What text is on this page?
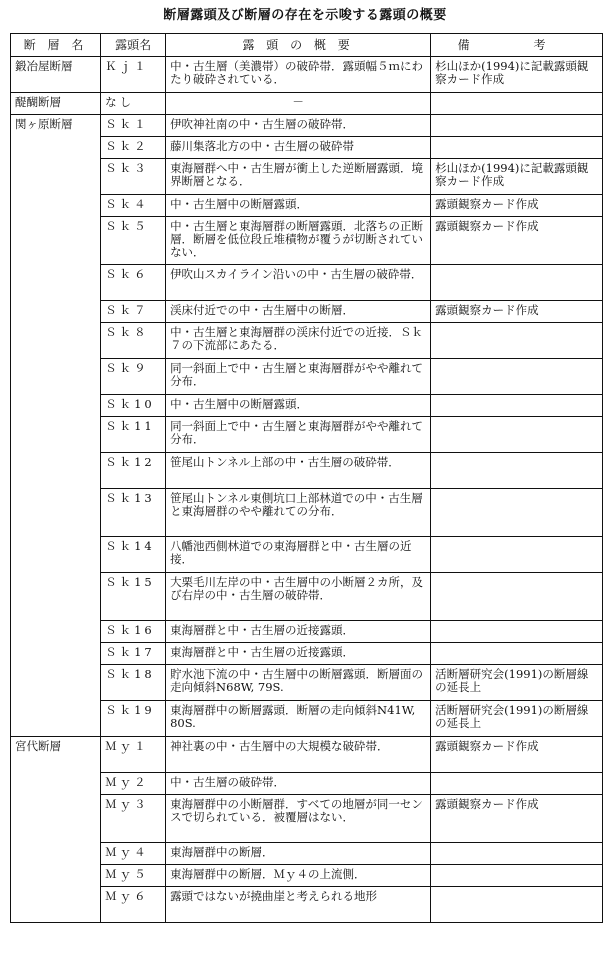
断層露頭及び断層の存在を示唆する露頭の概要
断 層 名	露頭名	露 頭 の 概 要	備 考
鍛冶屋断層	Ｋｊ１	中・古生層（美濃帯）の破砕帯．露頭幅５ｍにわたり破砕されている．	杉山ほか(1994)に記載露頭観察カード作成
醍醐断層	なし	－	
関ヶ原断層	Ｓｋ１	伊吹神社南の中・古生層の破砕帯．	
	Ｓｋ２	藤川集落北方の中・古生層の破砕帯	
	Ｓｋ３	東海層群へ中・古生層が衝上した逆断層露頭．境界断層となる．	杉山ほか(1994)に記載露頭観察カード作成
	Ｓｋ４	中・古生層中の断層露頭．	露頭観察カード作成
	Ｓｋ５	中・古生層と東海層群の断層露頭．北落ちの正断層．断層を低位段丘堆積物が覆うが切断されていない．	露頭観察カード作成
	Ｓｋ６	伊吹山スカイライン沿いの中・古生層の破砕帯．	
	Ｓｋ７	渓床付近での中・古生層中の断層．	露頭観察カード作成
	Ｓｋ８	中・古生層と東海層群の渓床付近での近接．Ｓｋ７の下流部にあたる．	
	Ｓｋ９	同一斜面上で中・古生層と東海層群がやや離れて分布．	
	Ｓｋ10	中・古生層中の断層露頭．	
	Ｓｋ11	同一斜面上で中・古生層と東海層群がやや離れて分布．	
	Ｓｋ12	笹尾山トンネル上部の中・古生層の破砕帯．	
	Ｓｋ13	笹尾山トンネル東側坑口上部林道での中・古生層と東海層群のやや離れての分布．	
	Ｓｋ14	八幡池西側林道での東海層群と中・古生層の近接．	
	Ｓｋ15	大栗毛川左岸の中・古生層中の小断層２カ所，及び右岸の中・古生層の破砕帯．	
	Ｓｋ16	東海層群と中・古生層の近接露頭．	
	Ｓｋ17	東海層群と中・古生層の近接露頭．	
	Ｓｋ18	貯水池下流の中・古生層中の断層露頭．断層面の走向傾斜N68W, 79S.	活断層研究会(1991)の断層線の延長上
	Ｓｋ19	東海層群中の断層露頭．断層の走向傾斜N41W, 80S.	活断層研究会(1991)の断層線の延長上
宮代断層	Ｍｙ１	神社裏の中・古生層中の大規模な破砕帯．	露頭観察カード作成
	Ｍｙ２	中・古生層の破砕帯．	
	Ｍｙ３	東海層群中の小断層群．すべての地層が同一センスで切られている．被覆層はない．	露頭観察カード作成
	Ｍｙ４	東海層群中の断層．	
	Ｍｙ５	東海層群中の断層．Ｍｙ４の上流側．	
	Ｍｙ６	露頭ではないが撓曲崖と考えられる地形	
